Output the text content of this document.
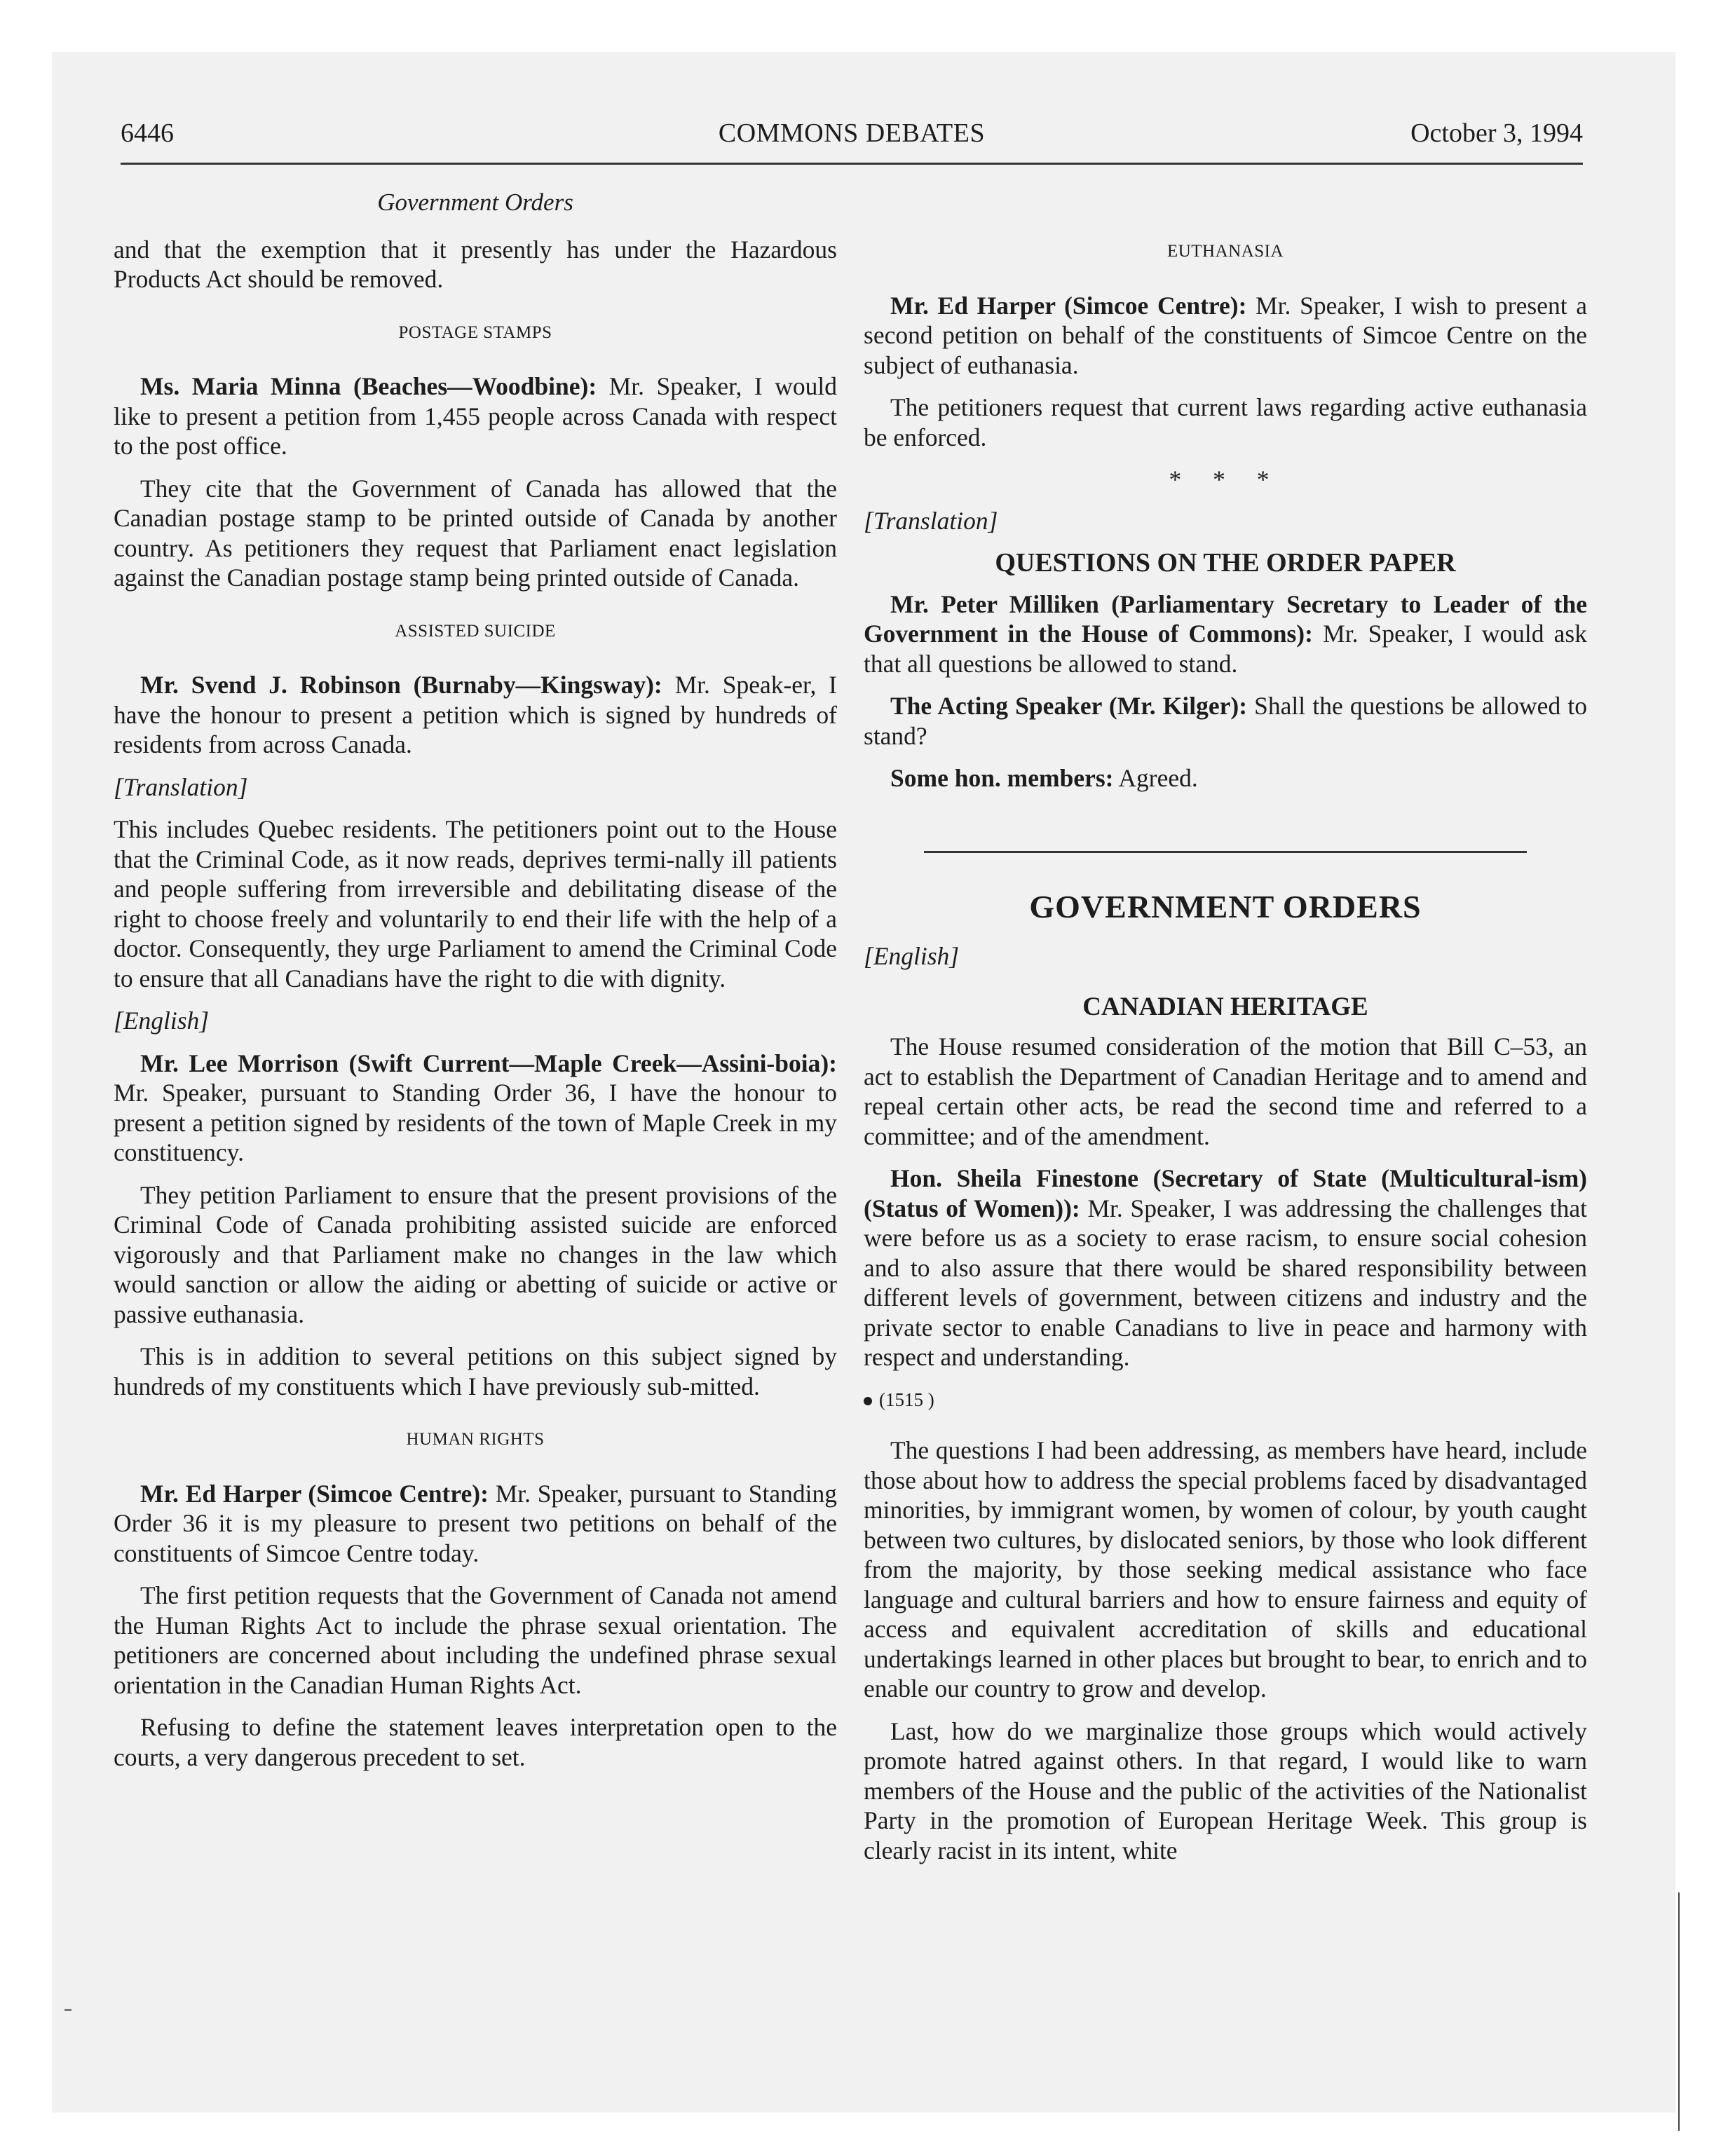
6446	COMMONS DEBATES	October 3, 1994
Government Orders

and that the exemption that it presently has under the Hazardous Products Act should be removed.

POSTAGE STAMPS

Ms. Maria Minna (Beaches—Woodbine): Mr. Speaker, I would like to present a petition from 1,455 people across Canada with respect to the post office.

They cite that the Government of Canada has allowed that the Canadian postage stamp to be printed outside of Canada by another country. As petitioners they request that Parliament enact legislation against the Canadian postage stamp being printed outside of Canada.

ASSISTED SUICIDE

Mr. Svend J. Robinson (Burnaby—Kingsway): Mr. Speak-er, I have the honour to present a petition which is signed by hundreds of residents from across Canada.

[Translation]

This includes Quebec residents. The petitioners point out to the House that the Criminal Code, as it now reads, deprives termi-nally ill patients and people suffering from irreversible and debilitating disease of the right to choose freely and voluntarily to end their life with the help of a doctor. Consequently, they urge Parliament to amend the Criminal Code to ensure that all Canadians have the right to die with dignity.

[English]

Mr. Lee Morrison (Swift Current—Maple Creek—Assini-boia): Mr. Speaker, pursuant to Standing Order 36, I have the honour to present a petition signed by residents of the town of Maple Creek in my constituency.

They petition Parliament to ensure that the present provisions of the Criminal Code of Canada prohibiting assisted suicide are enforced vigorously and that Parliament make no changes in the law which would sanction or allow the aiding or abetting of suicide or active or passive euthanasia.

This is in addition to several petitions on this subject signed by hundreds of my constituents which I have previously sub-mitted.

HUMAN RIGHTS

Mr. Ed Harper (Simcoe Centre): Mr. Speaker, pursuant to Standing Order 36 it is my pleasure to present two petitions on behalf of the constituents of Simcoe Centre today.

The first petition requests that the Government of Canada not amend the Human Rights Act to include the phrase sexual orientation. The petitioners are concerned about including the undefined phrase sexual orientation in the Canadian Human Rights Act.

Refusing to define the statement leaves interpretation open to the courts, a very dangerous precedent to set.

EUTHANASIA

Mr. Ed Harper (Simcoe Centre): Mr. Speaker, I wish to present a second petition on behalf of the constituents of Simcoe Centre on the subject of euthanasia.

The petitioners request that current laws regarding active euthanasia be enforced.

* * *

[Translation]

QUESTIONS ON THE ORDER PAPER

Mr. Peter Milliken (Parliamentary Secretary to Leader of the Government in the House of Commons): Mr. Speaker, I would ask that all questions be allowed to stand.

The Acting Speaker (Mr. Kilger): Shall the questions be allowed to stand?

Some hon. members: Agreed.

GOVERNMENT ORDERS

[English]

CANADIAN HERITAGE

The House resumed consideration of the motion that Bill C–53, an act to establish the Department of Canadian Heritage and to amend and repeal certain other acts, be read the second time and referred to a committee; and of the amendment.

Hon. Sheila Finestone (Secretary of State (Multicultural-ism) (Status of Women)): Mr. Speaker, I was addressing the challenges that were before us as a society to erase racism, to ensure social cohesion and to also assure that there would be shared responsibility between different levels of government, between citizens and industry and the private sector to enable Canadians to live in peace and harmony with respect and understanding.

(1515 )

The questions I had been addressing, as members have heard, include those about how to address the special problems faced by disadvantaged minorities, by immigrant women, by women of colour, by youth caught between two cultures, by dislocated seniors, by those who look different from the majority, by those seeking medical assistance who face language and cultural barriers and how to ensure fairness and equity of access and equivalent accreditation of skills and educational undertakings learned in other places but brought to bear, to enrich and to enable our country to grow and develop.

Last, how do we marginalize those groups which would actively promote hatred against others. In that regard, I would like to warn members of the House and the public of the activities of the Nationalist Party in the promotion of European Heritage Week. This group is clearly racist in its intent, white
